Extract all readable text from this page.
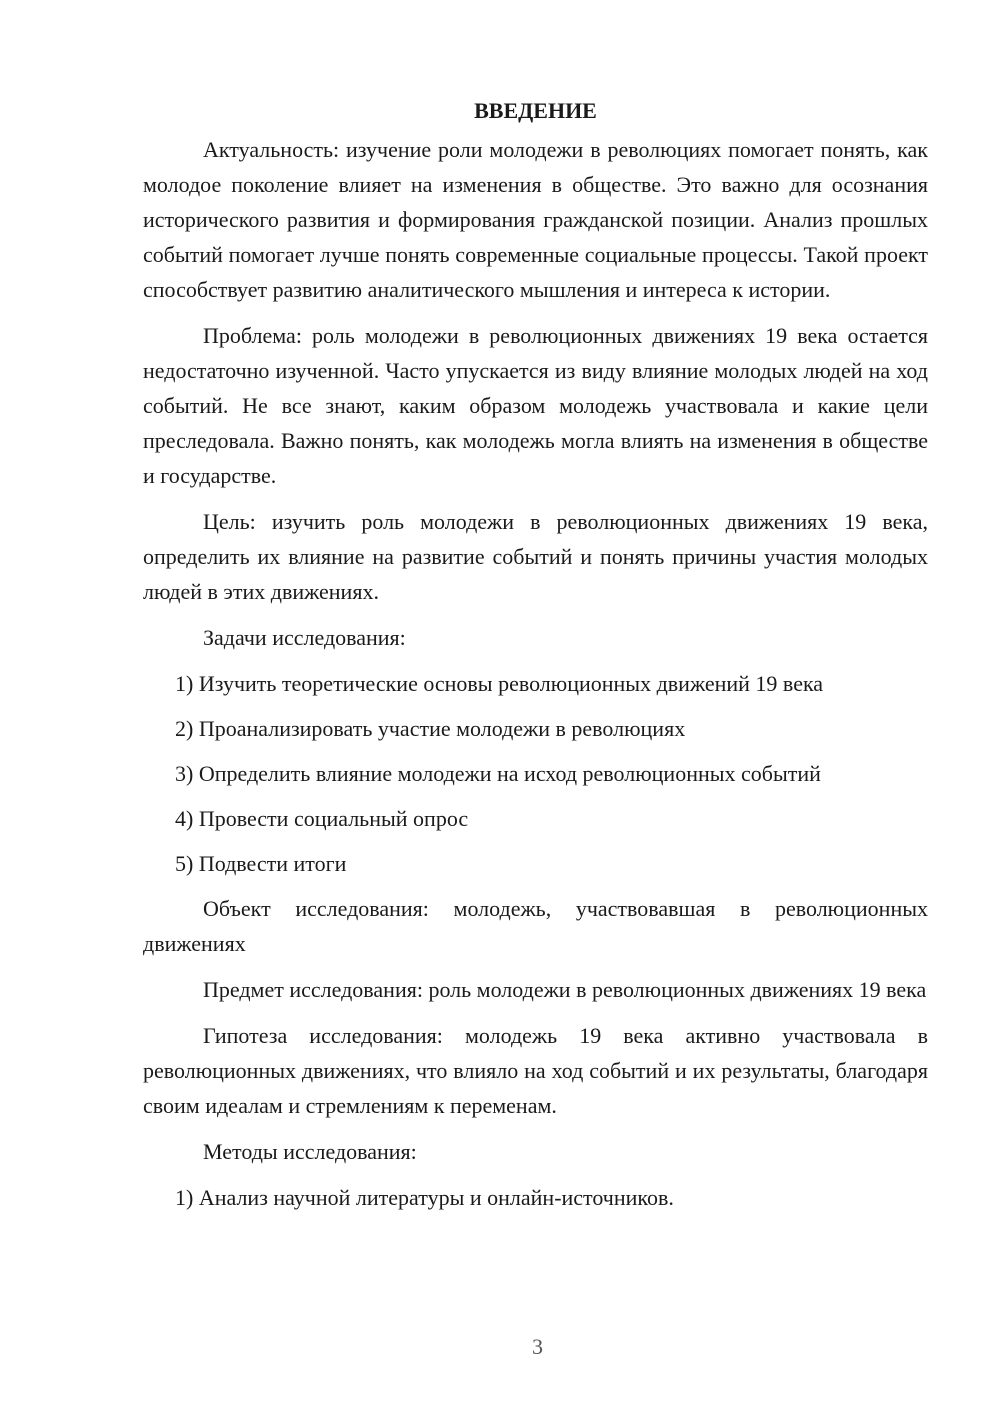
ВВЕДЕНИЕ

Актуальность: изучение роли молодежи в революциях помогает понять, как молодое поколение влияет на изменения в обществе. Это важно для осознания исторического развития и формирования гражданской позиции. Анализ прошлых событий помогает лучше понять современные социальные процессы. Такой проект способствует развитию аналитического мышления и интереса к истории.

Проблема: роль молодежи в революционных движениях 19 века остается недостаточно изученной. Часто упускается из виду влияние молодых людей на ход событий. Не все знают, каким образом молодежь участвовала и какие цели преследовала. Важно понять, как молодежь могла влиять на изменения в обществе и государстве.

Цель: изучить роль молодежи в революционных движениях 19 века, определить их влияние на развитие событий и понять причины участия молодых людей в этих движениях.

Задачи исследования:

1) Изучить теоретические основы революционных движений 19 века
2) Проанализировать участие молодежи в революциях
3) Определить влияние молодежи на исход революционных событий
4) Провести социальный опрос
5) Подвести итоги

Объект исследования: молодежь, участвовавшая в революционных движениях

Предмет исследования: роль молодежи в революционных движениях 19 века

Гипотеза исследования: молодежь 19 века активно участвовала в революционных движениях, что влияло на ход событий и их результаты, благодаря своим идеалам и стремлениям к переменам.

Методы исследования:

1) Анализ научной литературы и онлайн-источников.
3
